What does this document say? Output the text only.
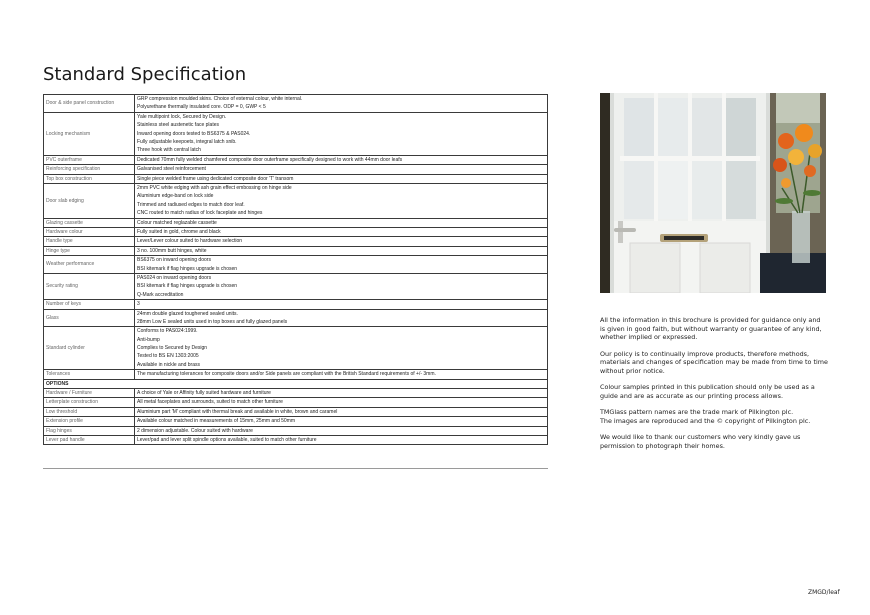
Standard Specification
Door & side panel construction	GRP compression moulded skins. Choice of external colour, white internal.
Polyurethane thermally insulated core. ODP = 0, GWP < 5

Locking mechanism	Yale multipoint lock, Secured by Design.
Stainless steel austenetic face plates
Inward opening doors tested to BS6375 & PAS024.
Fully adjustable keepoets, integral latch snib.
Three hook with central latch

PVC outerframe	Dedicated 70mm fully welded chamfered composite door outerframe specifically designed to work with 44mm door leafs

Reinforcing specification	Galvanised steel reinforcement

Top box construction	Single piece welded frame using dedicated composite door 'T' transom

Door slab edging	2mm PVC white edging with ash grain effect embossing on hinge side
Aluminium edge-band on lock side
Trimmed and radiused edges to match door leaf.
CNC routed to match radius of lock faceplate and hinges

Glazing cassette	Colour matched reglazable cassette

Hardware colour	Fully suited in gold, chrome and black

Handle type	Lever/Lever colour suited to hardware selection

Hinge type	3 no. 100mm butt hinges, white

Weather performance	BS6375 on inward opening doors
BSI kitemark if flag hinges upgrade is chosen

Security rating	PAS024 on inward opening doors
BSI kitemark if flag hinges upgrade is chosen
Q-Mark accreditation

Number of keys	3

Glass	24mm double glazed toughened sealed units.
28mm Low E sealed units used in top boxes and fully glazed panels

Standard cylinder	Conforms to PAS024:1999.
Anti-bump
Complies to Secured by Design
Tested to BS EN 1303:2005
Available in nickle and brass

Tolerances	The manufacturing tolerances for composite doors and/or Side panels are compliant with the British Standard requirements of +/- 3mm.

OPTIONS	
Hardware / Furniture	A choice of Yale or Affinity fully suited hardware and furniture

Letterplate construction	All metal faceplates and surrounds, suited to match other furniture

Low threshold	Aluminium part 'M' compliant with thermal break and available in white, brown and caramel

Extension profile	Available colour matched in measurements of 15mm, 25mm and 50mm

Flag hinges	2 dimension adjustable. Colour suited with hardware

Lever pad handle	Lever/pad and lever split spindle options available, suited to match other furniture

All the information in this brochure is provided for guidance only and
is given in good faith, but without warranty or guarantee of any kind,
whether implied or expressed.

Our policy is to continually improve products, therefore methods,
materials and changes of specification may be made from time to time
without prior notice.

Colour samples printed in this publication should only be used as a
guide and are as accurate as our printing process allows.

TMGlass pattern names are the trade mark of Pilkington plc.
The images are reproduced and the © copyright of Pilkington plc.

We would like to thank our customers who very kindly gave us
permission to photograph their homes.

ZMGD/leaf
